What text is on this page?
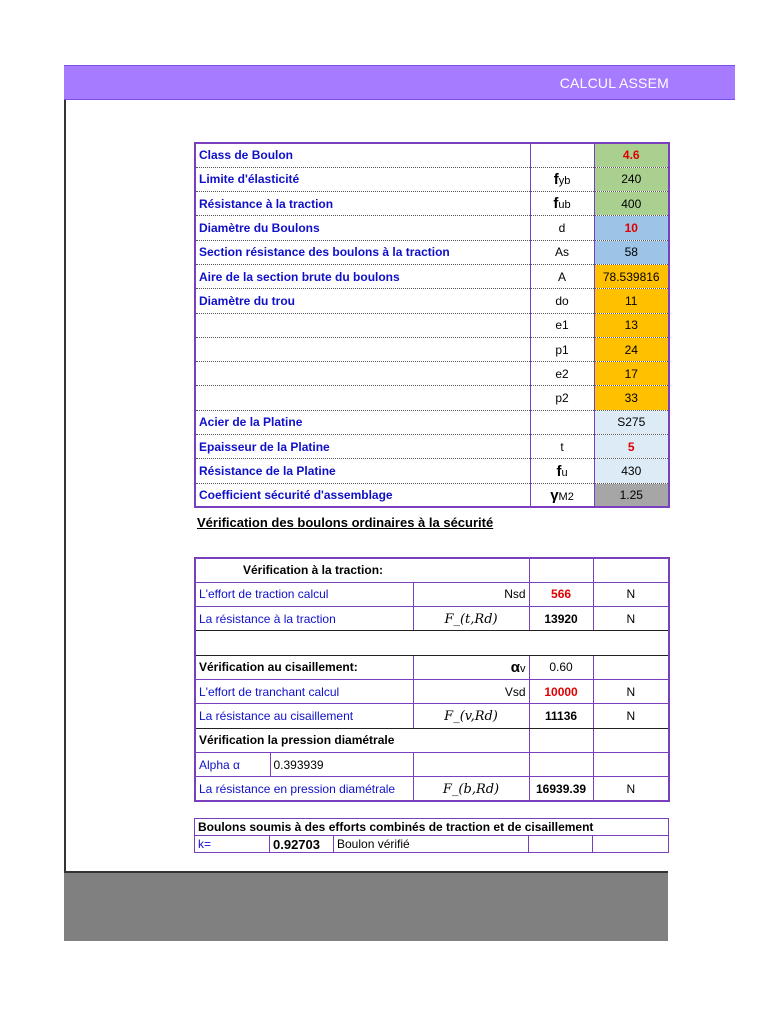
CALCUL ASSEM
Class de Boulon		4.6
Limite d'élasticité	fyb	240
Résistance à la traction	fub	400
Diamètre du Boulons	d	10
Section résistance des boulons à la traction	As	58
Aire de la section brute du boulons	A	78.539816
Diamètre du trou	do	11
	e1	13
	p1	24
	e2	17
	p2	33
Acier de la Platine		S275
Epaisseur de la Platine	t	5
Résistance de la Platine	fu	430
Coefficient sécurité d'assemblage	γM2	1.25
Vérification des boulons ordinaires à la sécurité
Vérification à la traction:				
L'effort de traction calcul		Nsd	566	N
La résistance à la traction		F_(t,Rd)	13920	N

Vérification au cisaillement:		αv	0.60	
L'effort de tranchant calcul		Vsd	10000	N
La résistance au cisaillement		F_(v,Rd)	11136	N
Vérification la pression diamétrale				
Alpha α	0.393939			
La résistance en pression diamétrale		F_(b,Rd)	16939.39	N
Boulons soumis à des efforts combinés de traction et de cisaillement
k=	0.92703	Boulon vérifié		
